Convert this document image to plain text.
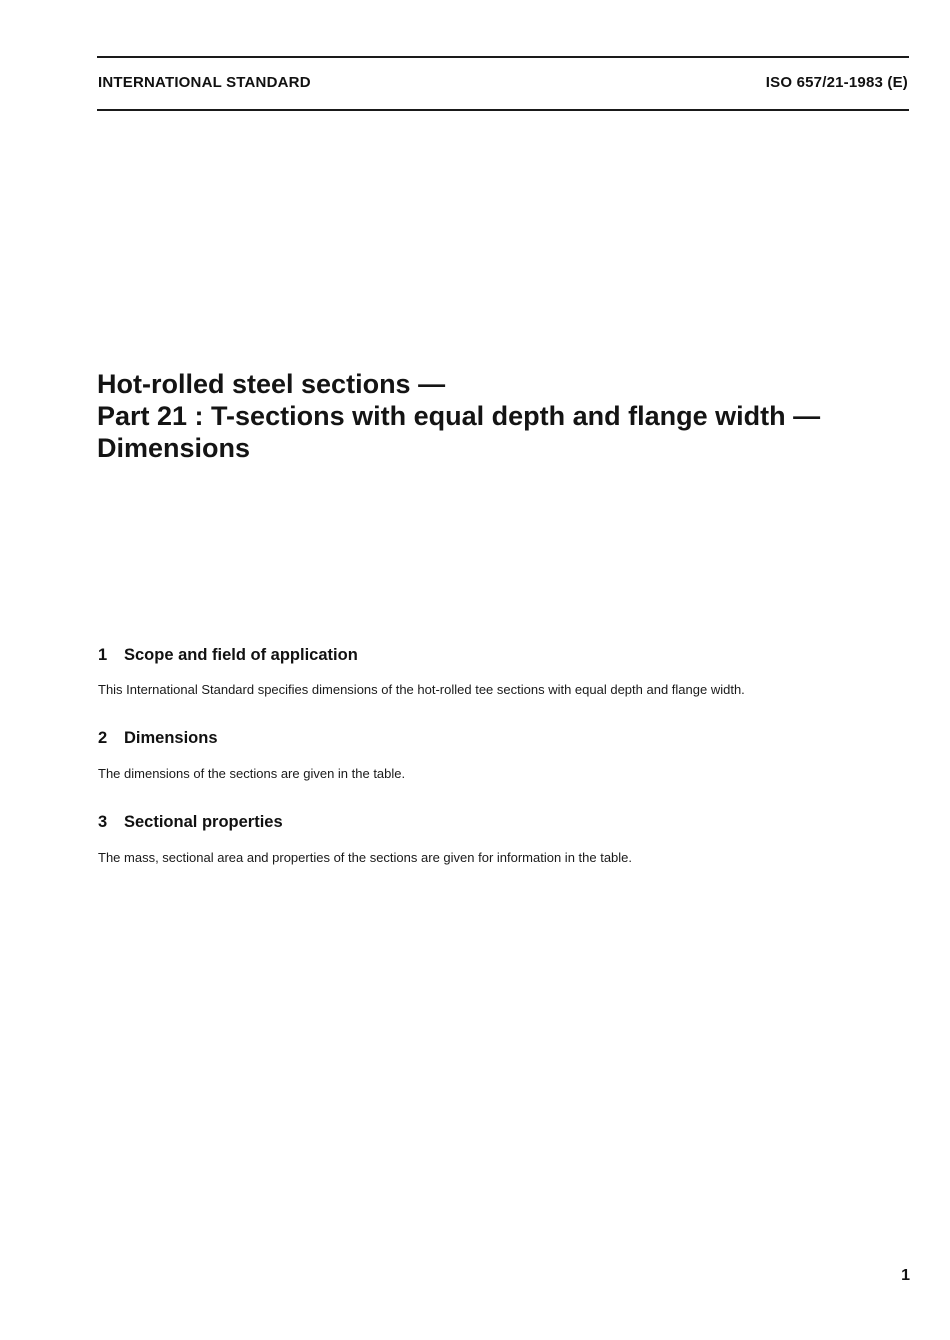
INTERNATIONAL STANDARD	ISO 657/21-1983 (E)
Hot-rolled steel sections —
Part 21 : T-sections with equal depth and flange width —
Dimensions
1 Scope and field of application
This International Standard specifies dimensions of the hot-rolled tee sections with equal depth and flange width.
2 Dimensions
The dimensions of the sections are given in the table.
3 Sectional properties
The mass, sectional area and properties of the sections are given for information in the table.
1
